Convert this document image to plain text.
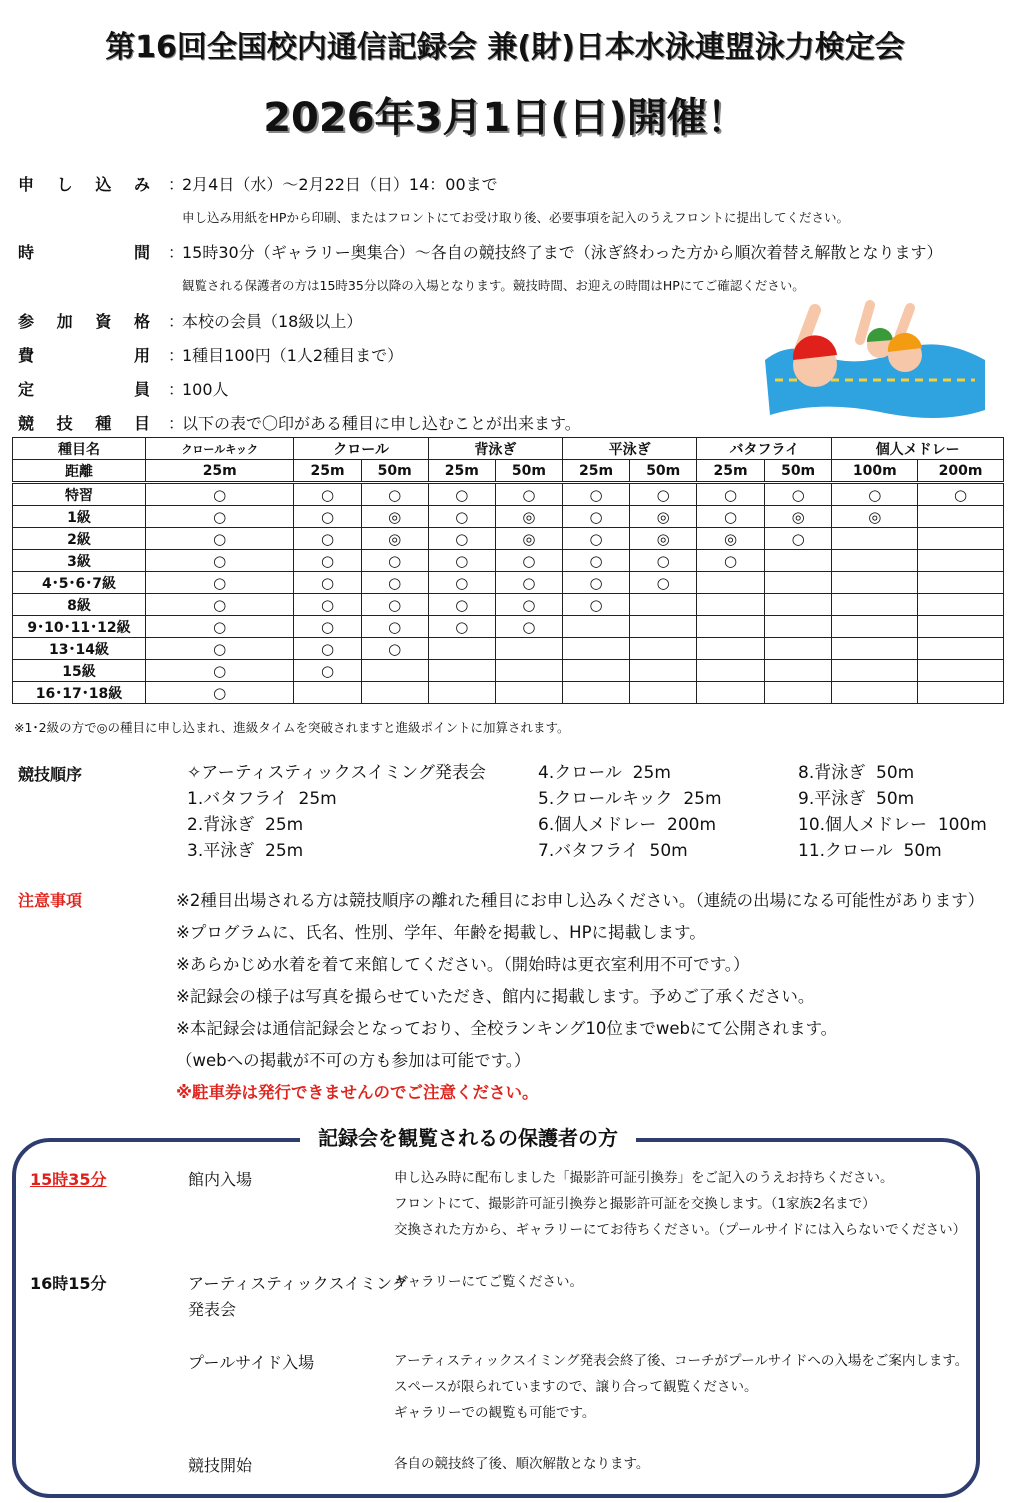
第16回全国校内通信記録会 兼(財)日本水泳連盟泳力検定会
2026年3月1日(日)開催！
申し込み ：
2月4日（水）～2月22日（日）14：00まで
申し込み用紙をHPから印刷、またはフロントにてお受け取り後、必要事項を記入のうえフロントに提出してください。
時間 ：
15時30分（ギャラリー奥集合）～各自の競技終了まで（泳ぎ終わった方から順次着替え解散となります）
観覧される保護者の方は15時35分以降の入場となります。競技時間、お迎えの時間はHPにてご確認ください。
参加資格 ：
本校の会員（18級以上）
費用 ：
1種目100円（1人2種目まで）
定員 ：
100人
競技種目 ：
以下の表で〇印がある種目に申し込むことが出来ます。
種目名	クロールキック	クロール		背泳ぎ		平泳ぎ		バタフライ		個人メドレー	
距離	25m	25m	50m	25m	50m	25m	50m	25m	50m	100m	200m
特習	○	○	○	○	○	○	○	○	○	○	○
1級	○	○	◎	○	◎	○	◎	○	◎	◎	
2級	○	○	◎	○	◎	○	◎	◎	○		
3級	○	○	○	○	○	○	○	○			
4･5･6･7級	○	○	○	○	○	○	○				
8級	○	○	○	○	○	○					
9･10･11･12級	○	○	○	○	○						
13･14級	○	○	○								
15級	○	○									
16･17･18級	○										
※1･2級の方で◎の種目に申し込まれ、進級タイムを突破されますと進級ポイントに加算されます。
競技順序	✧アーティスティックスイミング発表会
1.バタフライ  25m
2.背泳ぎ  25m
3.平泳ぎ  25m
4.クロール  25m
5.クロールキック  25m
6.個人メドレー  200m
7.バタフライ  50m
8.背泳ぎ  50m
9.平泳ぎ  50m
10.個人メドレー  100m
11.クロール  50m
注意事項	※2種目出場される方は競技順序の離れた種目にお申し込みください。（連続の出場になる可能性があります）
※プログラムに、氏名、性別、学年、年齢を掲載し、HPに掲載します。
※あらかじめ水着を着て来館してください。（開始時は更衣室利用不可です。）
※記録会の様子は写真を撮らせていただき、館内に掲載します。予めご了承ください。
※本記録会は通信記録会となっており、全校ランキング10位までwebにて公開されます。
（webへの掲載が不可の方も参加は可能です。）
※駐車券は発行できませんのでご注意ください。
記録会を観覧されるの保護者の方
15時35分
16時15分
館内入場	申し込み時に配布しました「撮影許可証引換券」をご記入のうえお持ちください。
フロントにて、撮影許可証引換券と撮影許可証を交換します。（1家族2名まで）
交換された方から、ギャラリーにてお待ちください。（プールサイドには入らないでください）
アーティスティックスイミング
発表会
ギャラリーにてご覧ください。
プールサイド入場	アーティスティックスイミング発表会終了後、コーチがプールサイドへの入場をご案内します。
スペースが限られていますので、譲り合って観覧ください。
ギャラリーでの観覧も可能です。
競技開始	各自の競技終了後、順次解散となります。
